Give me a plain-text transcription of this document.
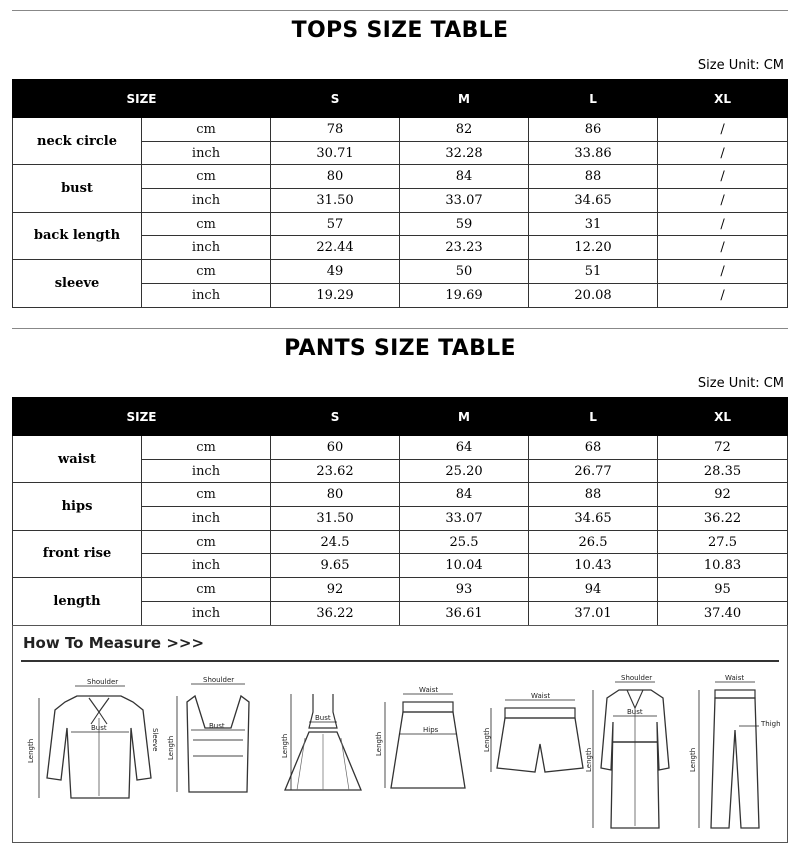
TOPS SIZE TABLE
Size Unit: CM
SIZE		S	M	L	XL
neck circle	cm	78	82	86	/
	inch	30.71	32.28	33.86	/
bust	cm	80	84	88	/
	inch	31.50	33.07	34.65	/
back length	cm	57	59	31	/
	inch	22.44	23.23	12.20	/
sleeve	cm	49	50	51	/
	inch	19.29	19.69	20.08	/
PANTS SIZE TABLE
Size Unit: CM
SIZE		S	M	L	XL
waist	cm	60	64	68	72
	inch	23.62	25.20	26.77	28.35
hips	cm	80	84	88	92
	inch	31.50	33.07	34.65	36.22
front rise	cm	24.5	25.5	26.5	27.5
	inch	9.65	10.04	10.43	10.83
length	cm	92	93	94	95
	inch	36.22	36.61	37.01	37.40
How To Measure >>>
Shoulder
Bust
Length	Sleeve
Shoulder
Bust
Length
Bust
Length
Waist
Hips
Length
Waist
Length
Shoulder
Bust
Length
Waist
Thigh
Length
